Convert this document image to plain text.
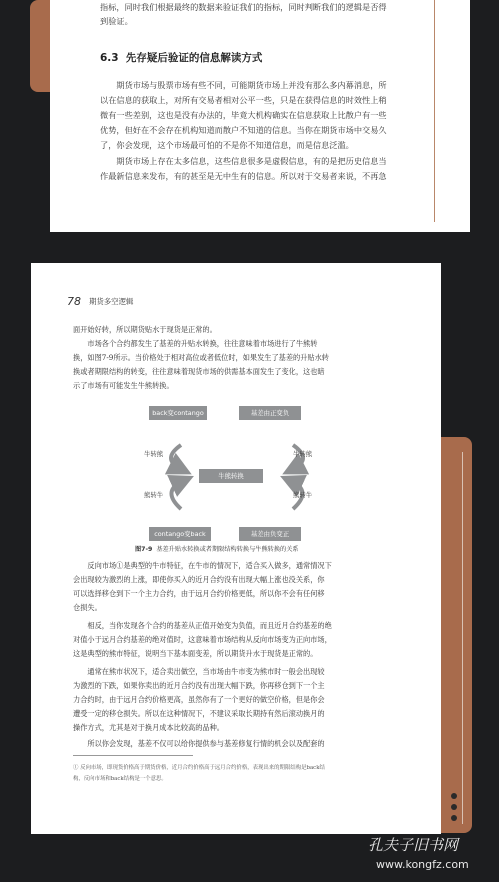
指标，同时我们根据最终的数据来验证我们的指标，同时判断我们的逻辑是否得
到验证。
6.3 先存疑后验证的信息解读方式
　　期货市场与股票市场有些不同，可能期货市场上并没有那么多内幕消息，所
以在信息的获取上，对所有交易者相对公平一些，只是在获得信息的时效性上稍
微有一些差别，这也是没有办法的，毕竟大机构确实在信息获取上比散户有一些
优势，但好在不会存在机构知道而散户不知道的信息。当你在期货市场中交易久
了，你会发现，这个市场最可怕的不是你不知道信息，而是信息泛滥。
　　期货市场上存在太多信息，这些信息很多是虚假信息，有的是把历史信息当
作最新信息来发布，有的甚至是无中生有的信息。所以对于交易者来说，不再急
78 期货多空逻辑
面开始好转，所以期货贴水于现货是正常的。
　　市场各个合约都发生了基差的升贴水转换，往往意味着市场进行了牛熊转
换，如图7-9所示。当价格处于相对高位或者低位时，如果发生了基差的升贴水转
换或者期限结构的转变，往往意味着现货市场的供需基本面发生了变化，这也暗
示了市场有可能发生牛熊转换。
back变contango	基差由正变负
牛熊转换
contango变back	基差由负变正
牛转熊
熊转牛
牛转熊
熊转牛
图7-9 基差升贴水转换或者期限结构转换与牛熊转换的关系
　　反向市场①是典型的牛市特征，在牛市的情况下，适合买入做多，通常情况下
会出现较为激烈的上涨，即使你买入的近月合约没有出现大幅上涨也没关系，你
可以选择移仓到下一个主力合约，由于远月合约价格更低，所以你不会有任何移
仓损失。
　　相反，当你发现各个合约的基差从正值开始变为负值，而且近月合约基差的绝
对值小于远月合约基差的绝对值时，这意味着市场结构从反向市场变为正向市场，
这是典型的熊市特征，说明当下基本面变差，所以期货升水于现货是正常的。
　　通常在熊市状况下，适合卖出做空，当市场由牛市变为熊市时一般会出现较
为激烈的下跌，如果你卖出的近月合约没有出现大幅下跌，你再移仓到下一个主
力合约时，由于远月合约价格更高，虽然你有了一个更好的做空价格，但是你会
遭受一定的移仓损失。所以在这种情况下，不建议采取长期持有然后滚动换月的
操作方式，尤其是对于换月成本比较高的品种。
　　所以你会发现，基差不仅可以给你提供参与基差修复行情的机会以及配套的
① 反向市场，即现货价格高于期货价格，近月合约价格高于远月合约价格，表现出来的期限结构是back结
构，反向市场和back结构是一个意思。
孔夫子旧书网
www.kongfz.com
